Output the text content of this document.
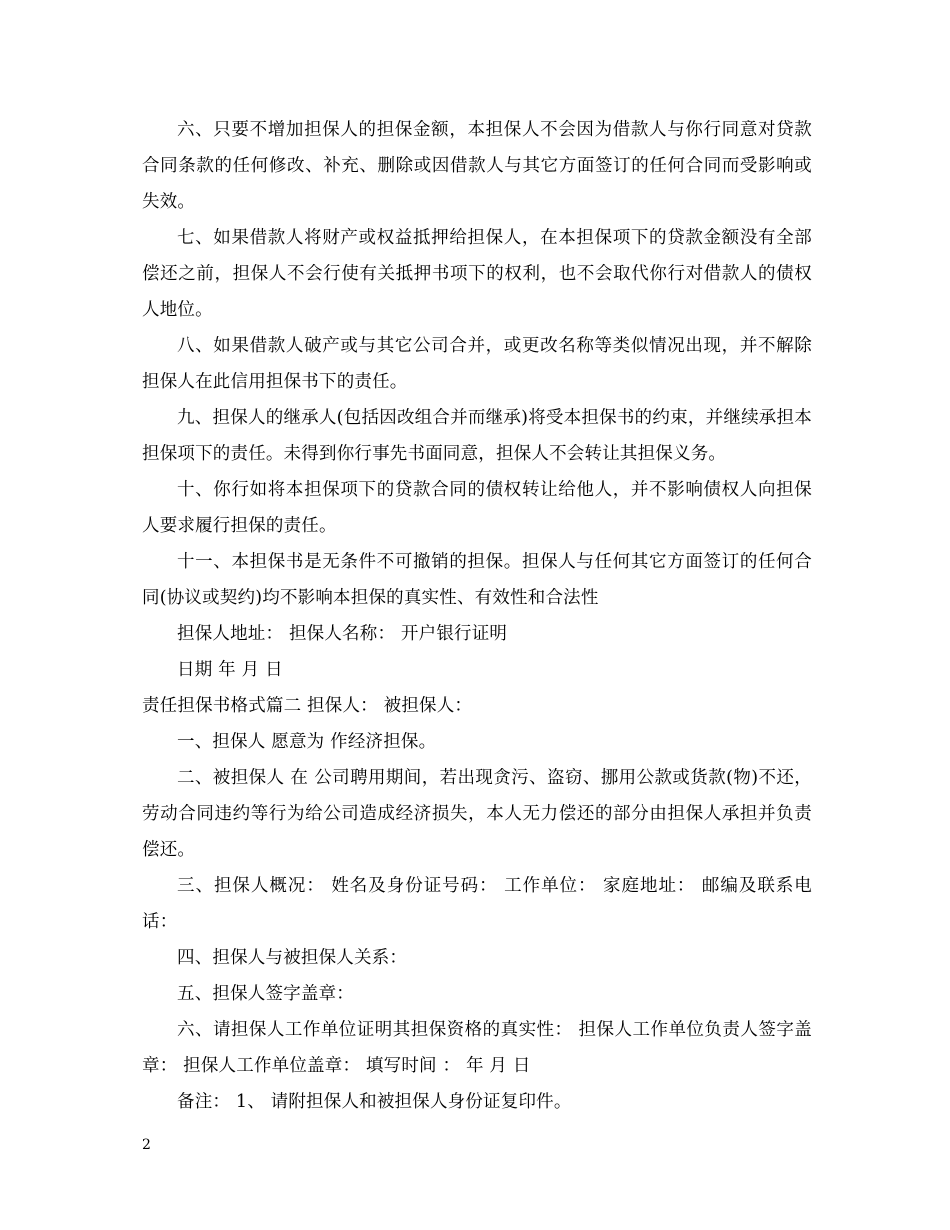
六、只要不增加担保人的担保金额，本担保人不会因为借款人与你行同意对贷款合同条款的任何修改、补充、删除或因借款人与其它方面签订的任何合同而受影响或失效。

七、如果借款人将财产或权益抵押给担保人，在本担保项下的贷款金额没有全部偿还之前，担保人不会行使有关抵押书项下的权利，也不会取代你行对借款人的债权人地位。

八、如果借款人破产或与其它公司合并，或更改名称等类似情况出现，并不解除担保人在此信用担保书下的责任。

九、担保人的继承人(包括因改组合并而继承)将受本担保书的约束，并继续承担本担保项下的责任。未得到你行事先书面同意，担保人不会转让其担保义务。

十、你行如将本担保项下的贷款合同的债权转让给他人，并不影响债权人向担保人要求履行担保的责任。

十一、本担保书是无条件不可撤销的担保。担保人与任何其它方面签订的任何合同(协议或契约)均不影响本担保的真实性、有效性和合法性

担保人地址： 担保人名称： 开户银行证明

日期 年 月 日

责任担保书格式篇二 担保人： 被担保人：

一、担保人 愿意为 作经济担保。

二、被担保人 在 公司聘用期间，若出现贪污、盗窃、挪用公款或货款(物)不还，劳动合同违约等行为给公司造成经济损失，本人无力偿还的部分由担保人承担并负责偿还。

三、担保人概况： 姓名及身份证号码： 工作单位： 家庭地址： 邮编及联系电话：

四、担保人与被担保人关系：

五、担保人签字盖章：

六、请担保人工作单位证明其担保资格的真实性： 担保人工作单位负责人签字盖章： 担保人工作单位盖章： 填写时间 ： 年 月 日

备注： 1、 请附担保人和被担保人身份证复印件。

2
